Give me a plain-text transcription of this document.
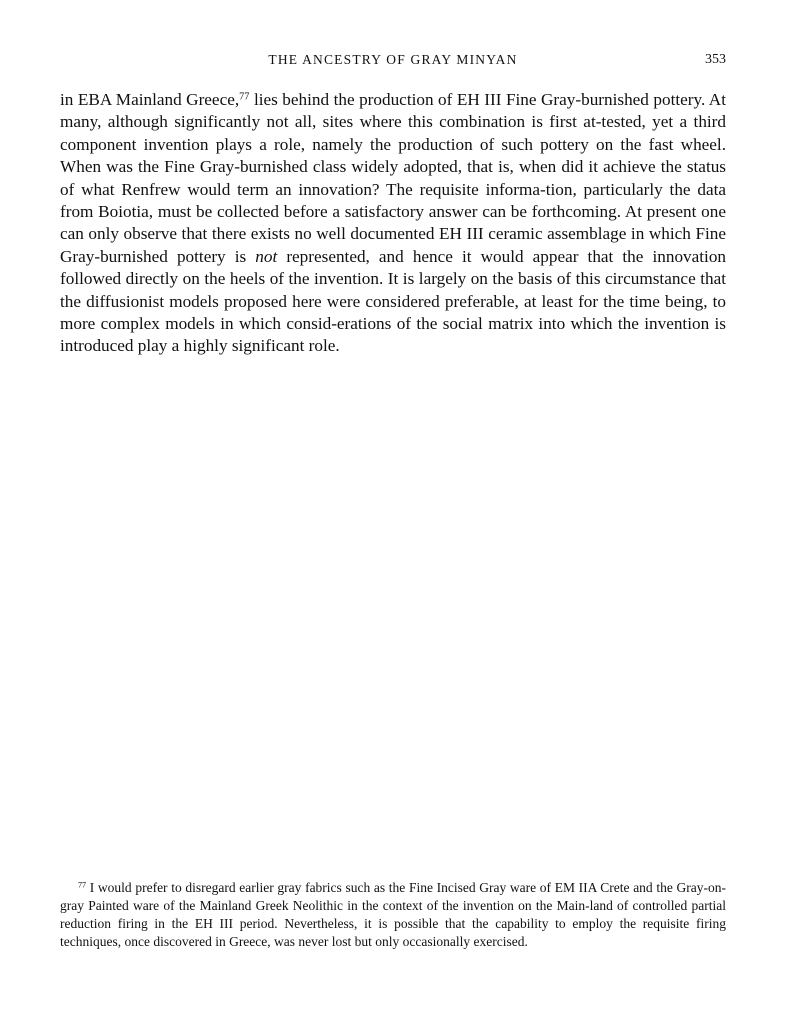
THE ANCESTRY OF GRAY MINYAN	353

in EBA Mainland Greece,$^{77}$ lies behind the production of EH III Fine Gray-burnished pottery. At many, although significantly not all, sites where this combination is first at-tested, yet a third component invention plays a role, namely the production of such pottery on the fast wheel. When was the Fine Gray-burnished class widely adopted, that is, when did it achieve the status of what Renfrew would term an innovation? The requisite informa-tion, particularly the data from Boiotia, must be collected before a satisfactory answer can be forthcoming. At present one can only observe that there exists no well documented EH III ceramic assemblage in which Fine Gray-burnished pottery is not represented, and hence it would appear that the innovation followed directly on the heels of the invention. It is largely on the basis of this circumstance that the diffusionist models proposed here were considered preferable, at least for the time being, to more complex models in which consid-erations of the social matrix into which the invention is introduced play a highly significant role.

$^{77}$ I would prefer to disregard earlier gray fabrics such as the Fine Incised Gray ware of EM IIA Crete and the Gray-on-gray Painted ware of the Mainland Greek Neolithic in the context of the invention on the Main-land of controlled partial reduction firing in the EH III period. Nevertheless, it is possible that the capability to employ the requisite firing techniques, once discovered in Greece, was never lost but only occasionally exercised.
